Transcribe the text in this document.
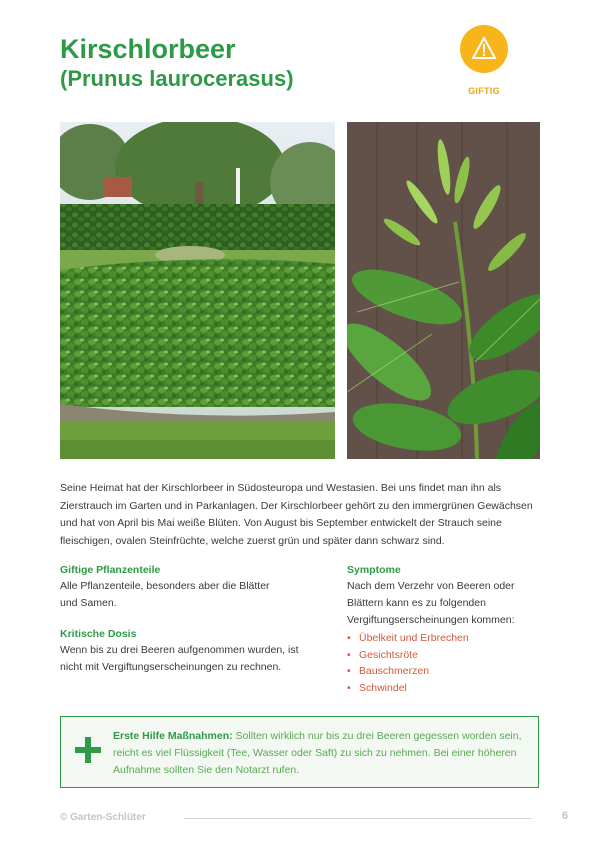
Kirschlorbeer
(Prunus laurocerasus)	GIFTIG

Seine Heimat hat der Kirschlorbeer in Südosteuropa und Westasien. Bei uns findet man ihn als Zierstrauch im Garten und in Parkanlagen. Der Kirschlorbeer gehört zu den immergrünen Gewächsen und hat von April bis Mai weiße Blüten. Von August bis September entwickelt der Strauch seine fleischigen, ovalen Steinfrüchte, welche zuerst grün und später dann schwarz sind.

Giftige Pflanzenteile

Alle Pflanzenteile, besonders aber die Blätter und Samen.

Kritische Dosis

Wenn bis zu drei Beeren aufgenommen wurden, ist nicht mit Vergiftungserscheinungen zu rechnen.

Symptome

Nach dem Verzehr von Beeren oder Blättern kann es zu folgenden Vergiftungserscheinungen kommen:

• Übelkeit und Erbrechen
• Gesichtsröte
• Bauschmerzen
• Schwindel

Erste Hilfe Maßnahmen: Sollten wirklich nur bis zu drei Beeren gegessen worden sein, reicht es viel Flüssigkeit (Tee, Wasser oder Saft) zu sich zu nehmen. Bei einer höheren Aufnahme sollten Sie den Notarzt rufen.

© Garten-Schlüter	6
